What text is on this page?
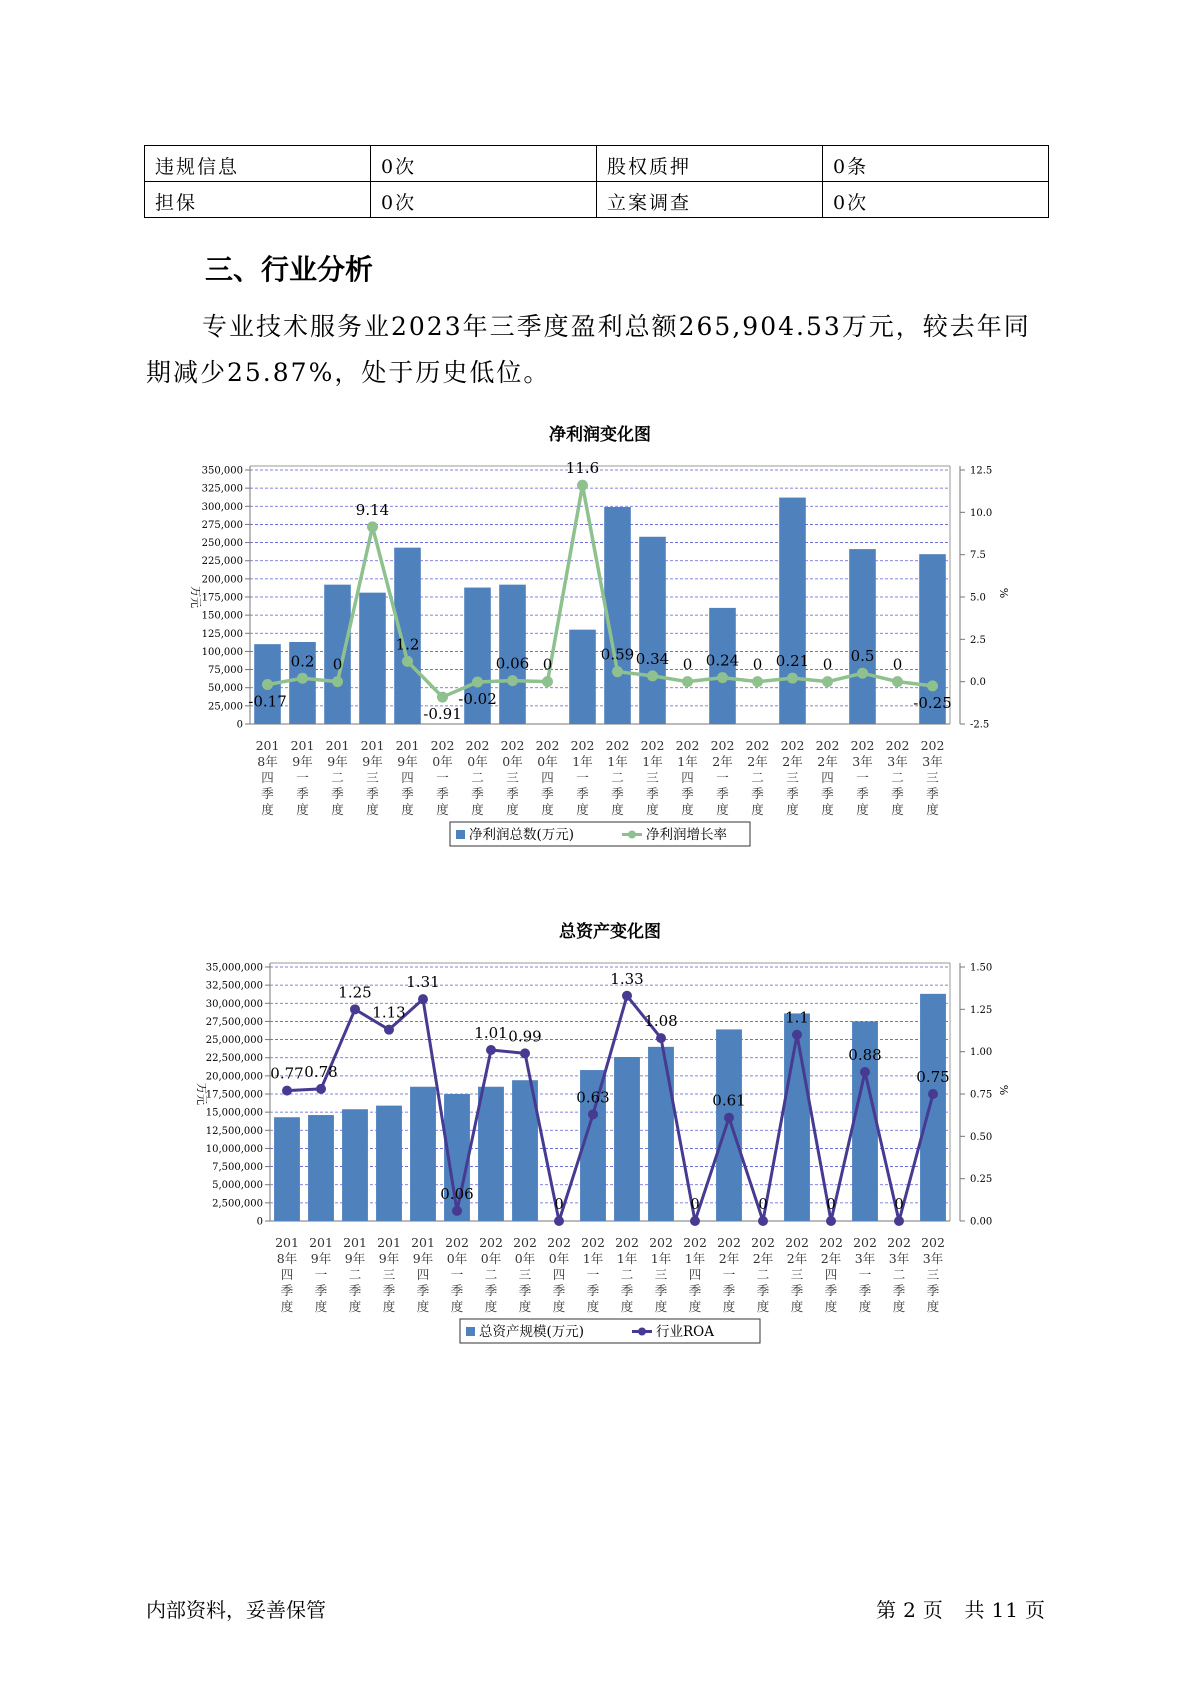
违规信息	0次	股权质押	0条
担保	0次	立案调查	0次
三、行业分析

专业技术服务业2023年三季度盈利总额265,904.53万元，较去年同期减少25.87%，处于历史低位。

净利润变化图
0
25,000
50,000
75,000
100,000
125,000
150,000
175,000
200,000
225,000
250,000
275,000
300,000
325,000
350,000
-2.5
0.0
2.5
5.0
7.5
10.0
12.5
万元	%
-0.17
0.2 0
9.14
1.2
-0.91
-0.02
0.06 0
11.6
0.59 0.34 0 0.24 0 0.21 0 0.5 0
-0.25
201
8年
四
季
度
201
9年
一
季
度
201
9年
二
季
度
201
9年
三
季
度
201
9年
四
季
度
202
0年
一
季
度
202
0年
二
季
度
202
0年
三
季
度
202
0年
四
季
度
202
1年
一
季
度
202
1年
二
季
度
202
1年
三
季
度
202
1年
四
季
度
202
2年
一
季
度
202
2年
二
季
度
202
2年
三
季
度
202
2年
四
季
度
202
3年
一
季
度
202
3年
二
季
度
202
3年
三
季
度
净利润总数(万元)	净利润增长率
总资产变化图
0
2,500,000
5,000,000
7,500,000
10,000,000
12,500,000
15,000,000
17,500,000
20,000,000
22,500,000
25,000,000
27,500,000
30,000,000
32,500,000
35,000,000
0.00
0.25
0.50
0.75
1.00
1.25
1.50
万元	%
0.77 0.78
1.25
1.13
1.31
0.06
1.01 0.99
0
0.63
1.33
1.08
0
0.61
0
1.1
0
0.88
0
0.75
201
8年
四
季
度
201
9年
一
季
度
201
9年
二
季
度
201
9年
三
季
度
201
9年
四
季
度
202
0年
一
季
度
202
0年
二
季
度
202
0年
三
季
度
202
0年
四
季
度
202
1年
一
季
度
202
1年
二
季
度
202
1年
三
季
度
202
1年
四
季
度
202
2年
一
季
度
202
2年
二
季
度
202
2年
三
季
度
202
2年
四
季
度
202
3年
一
季
度
202
3年
二
季
度
202
3年
三
季
度
总资产规模(万元)	行业ROA
内部资料，妥善保管	第 2 页 共 11 页
